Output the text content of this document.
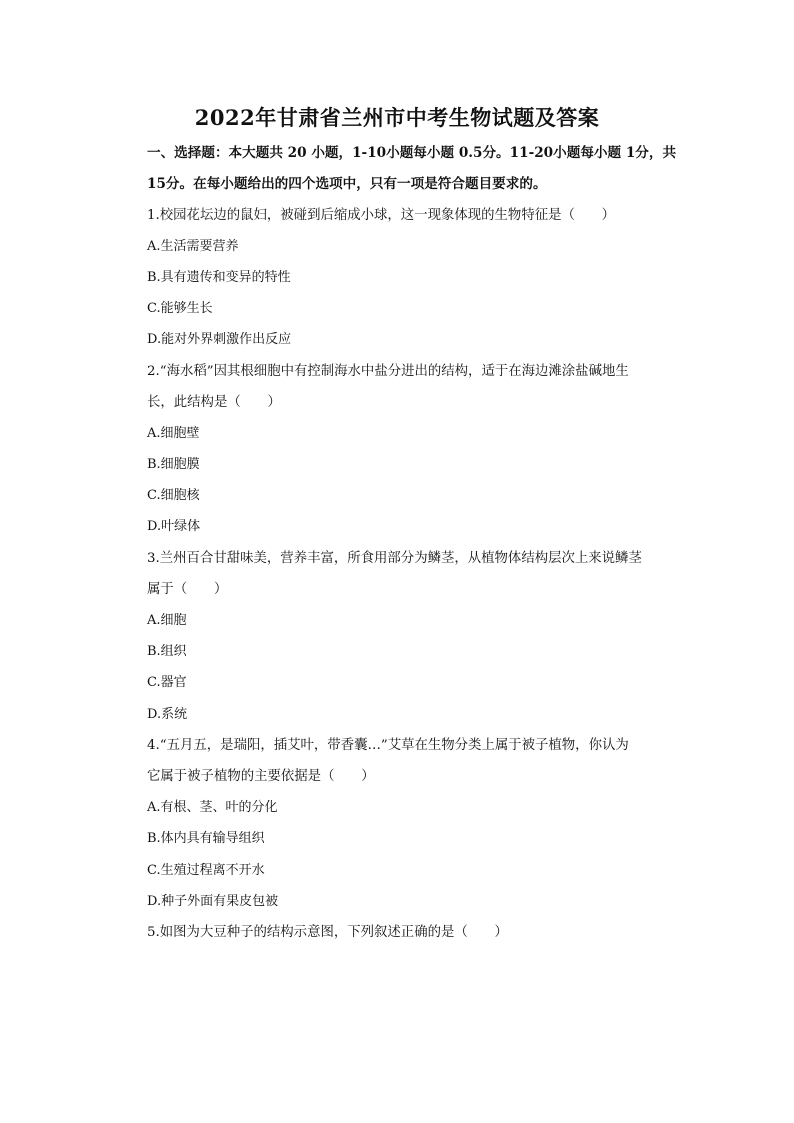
2022年甘肃省兰州市中考生物试题及答案
一、选择题：本大题共 20 小题，1-10小题每小题 0.5分。11-20小题每小题 1分，共
15分。在每小题给出的四个选项中，只有一项是符合题目要求的。
1.校园花坛边的鼠妇，被碰到后缩成小球，这一现象体现的生物特征是（　　）
A.生活需要营养
B.具有遗传和变异的特性
C.能够生长
D.能对外界刺激作出反应
2.“海水稻”因其根细胞中有控制海水中盐分进出的结构，适于在海边滩涂盐碱地生
长，此结构是（　　）
A.细胞壁
B.细胞膜
C.细胞核
D.叶绿体
3.兰州百合甘甜味美，营养丰富，所食用部分为鳞茎，从植物体结构层次上来说鳞茎
属于（　　）
A.细胞
B.组织
C.器官
D.系统
4.“五月五，是瑞阳，插艾叶，带香囊…”艾草在生物分类上属于被子植物，你认为
它属于被子植物的主要依据是（　　）
A.有根、茎、叶的分化
B.体内具有输导组织
C.生殖过程离不开水
D.种子外面有果皮包被
5.如图为大豆种子的结构示意图，下列叙述正确的是（　　）
